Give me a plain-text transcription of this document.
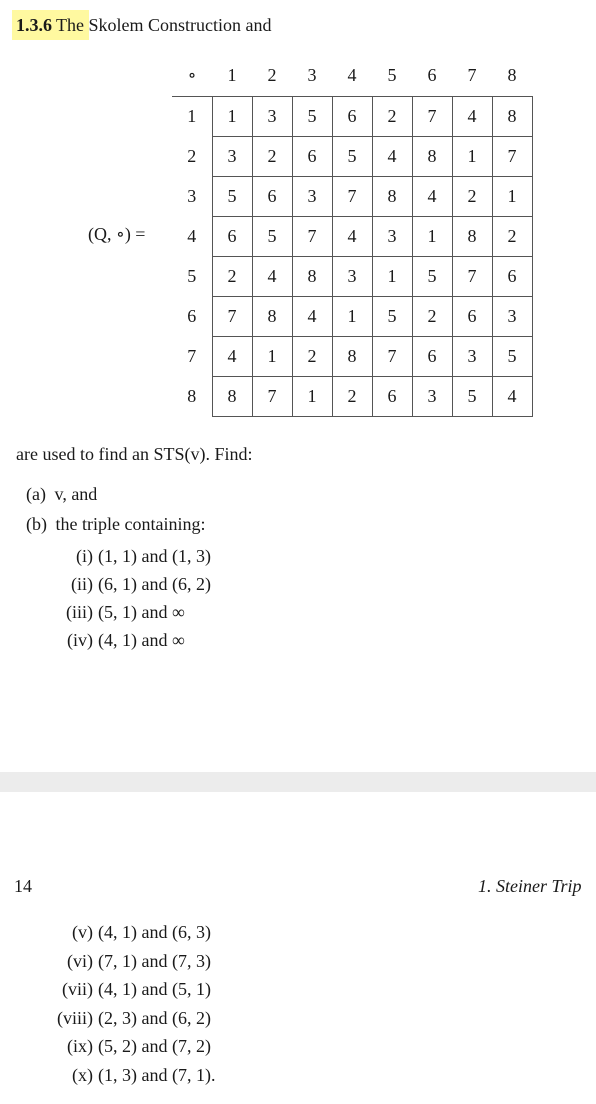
1.3.6 The Skolem Construction and
(Q, ∘) =
∘	1	2	3	4	5	6	7	8
1	1	3	5	6	2	7	4	8
2	3	2	6	5	4	8	1	7
3	5	6	3	7	8	4	2	1
4	6	5	7	4	3	1	8	2
5	2	4	8	3	1	5	7	6
6	7	8	4	1	5	2	6	3
7	4	1	2	8	7	6	3	5
8	8	7	1	2	6	3	5	4
are used to find an STS(v). Find:
(a) v, and
(b) the triple containing:
(i) (1, 1) and (1, 3)
(ii) (6, 1) and (6, 2)
(iii) (5, 1) and ∞
(iv) (4, 1) and ∞
14	1. Steiner Trip
(v) (4, 1) and (6, 3)
(vi) (7, 1) and (7, 3)
(vii) (4, 1) and (5, 1)
(viii) (2, 3) and (6, 2)
(ix) (5, 2) and (7, 2)
(x) (1, 3) and (7, 1).
